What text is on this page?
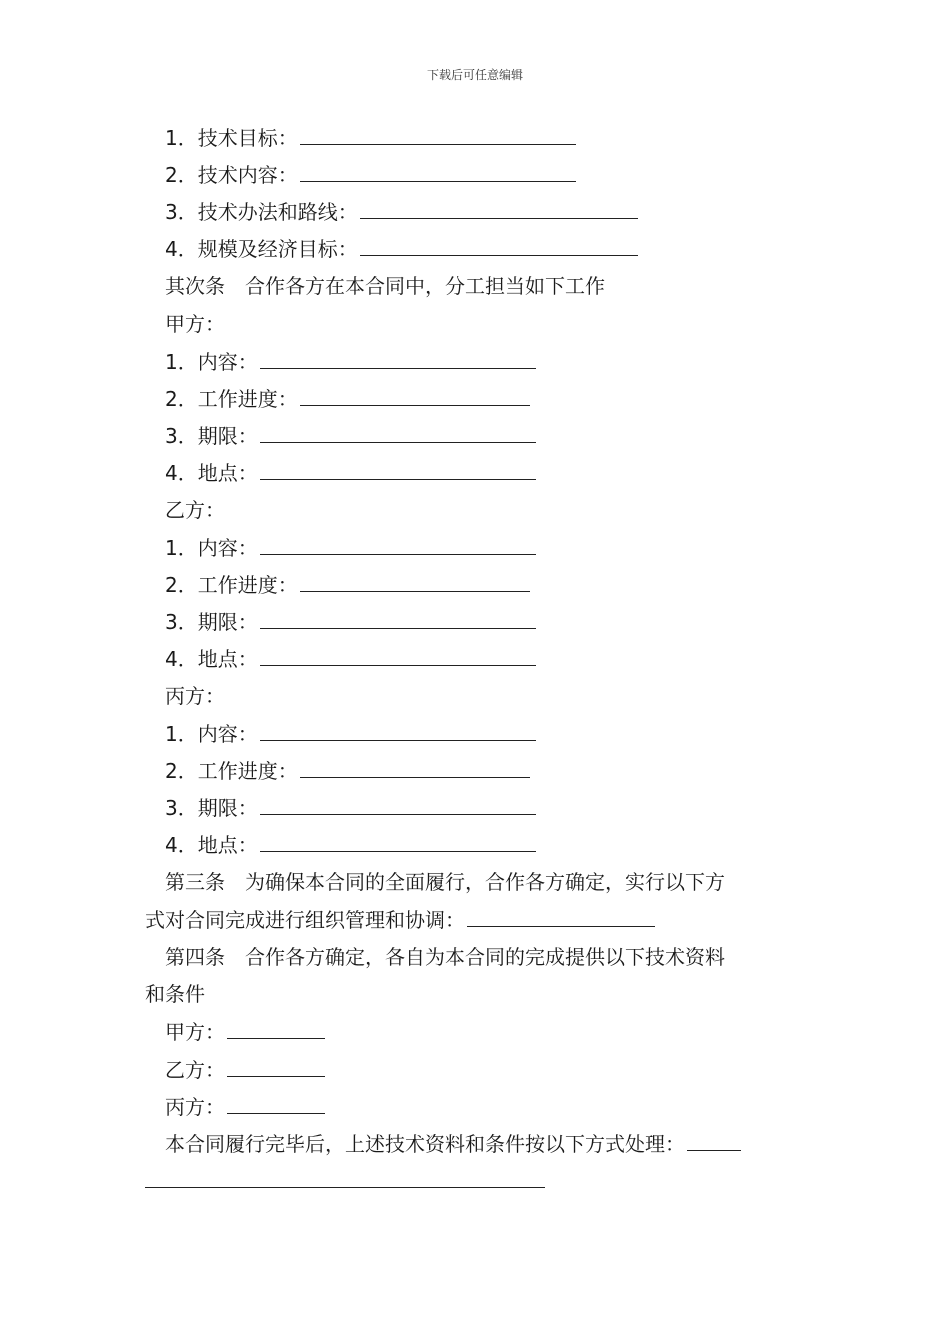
下载后可任意编辑
1．技术目标：
2．技术内容：
3．技术办法和路线：
4．规模及经济目标：
其次条　合作各方在本合同中，分工担当如下工作
甲方：
1．内容：
2．工作进度：
3．期限：
4．地点：
乙方：
1．内容：
2．工作进度：
3．期限：
4．地点：
丙方：
1．内容：
2．工作进度：
3．期限：
4．地点：
第三条　为确保本合同的全面履行，合作各方确定，实行以下方
式对合同完成进行组织管理和协调：
第四条　合作各方确定，各自为本合同的完成提供以下技术资料
和条件
甲方：
乙方：
丙方：
本合同履行完毕后，上述技术资料和条件按以下方式处理：
